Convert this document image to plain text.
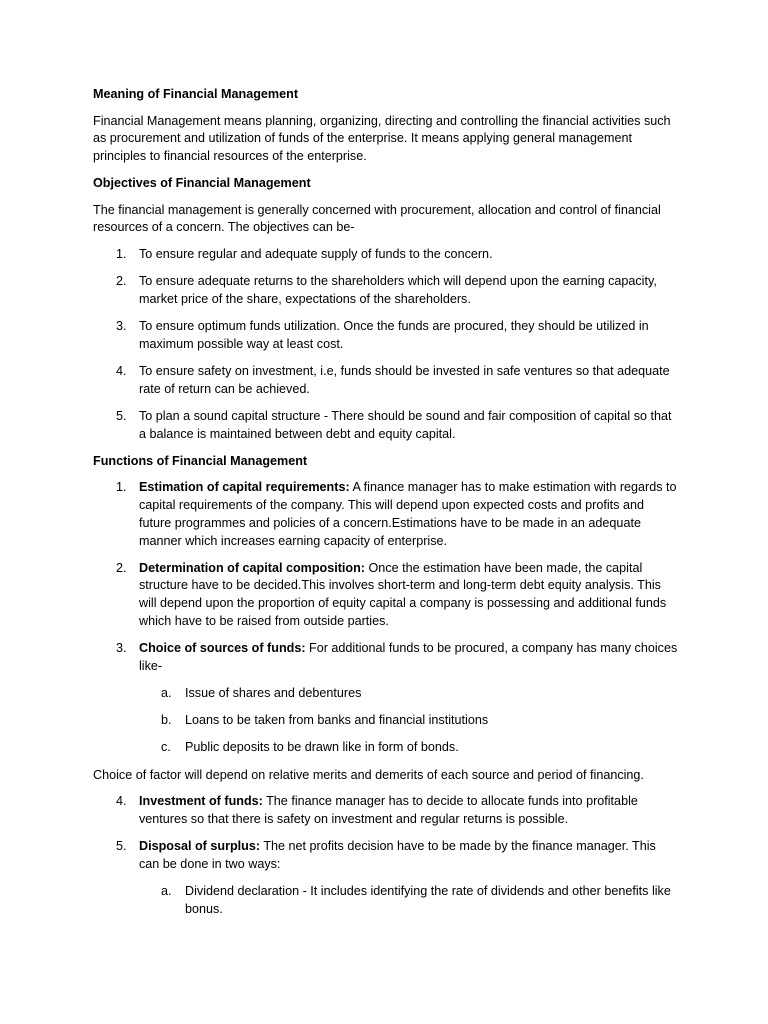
Meaning of Financial Management

Financial Management means planning, organizing, directing and controlling the financial activities such as procurement and utilization of funds of the enterprise. It means applying general management principles to financial resources of the enterprise.

Objectives of Financial Management

The financial management is generally concerned with procurement, allocation and control of financial resources of a concern. The objectives can be-

1. To ensure regular and adequate supply of funds to the concern.
2. To ensure adequate returns to the shareholders which will depend upon the earning capacity, market price of the share, expectations of the shareholders.
3. To ensure optimum funds utilization. Once the funds are procured, they should be utilized in maximum possible way at least cost.
4. To ensure safety on investment, i.e, funds should be invested in safe ventures so that adequate rate of return can be achieved.
5. To plan a sound capital structure - There should be sound and fair composition of capital so that a balance is maintained between debt and equity capital.
Functions of Financial Management
1. Estimation of capital requirements: A finance manager has to make estimation with regards to capital requirements of the company. This will depend upon expected costs and profits and future programmes and policies of a concern.Estimations have to be made in an adequate manner which increases earning capacity of enterprise.
2. Determination of capital composition: Once the estimation have been made, the capital structure have to be decided.This involves short-term and long-term debt equity analysis. This will depend upon the proportion of equity capital a company is possessing and additional funds which have to be raised from outside parties.
3. Choice of sources of funds: For additional funds to be procured, a company has many choices like-
a. Issue of shares and debentures
b. Loans to be taken from banks and financial institutions
c. Public deposits to be drawn like in form of bonds.

Choice of factor will depend on relative merits and demerits of each source and period of financing.

4. Investment of funds: The finance manager has to decide to allocate funds into profitable ventures so that there is safety on investment and regular returns is possible.
5. Disposal of surplus: The net profits decision have to be made by the finance manager. This can be done in two ways:
a. Dividend declaration - It includes identifying the rate of dividends and other benefits like bonus.
